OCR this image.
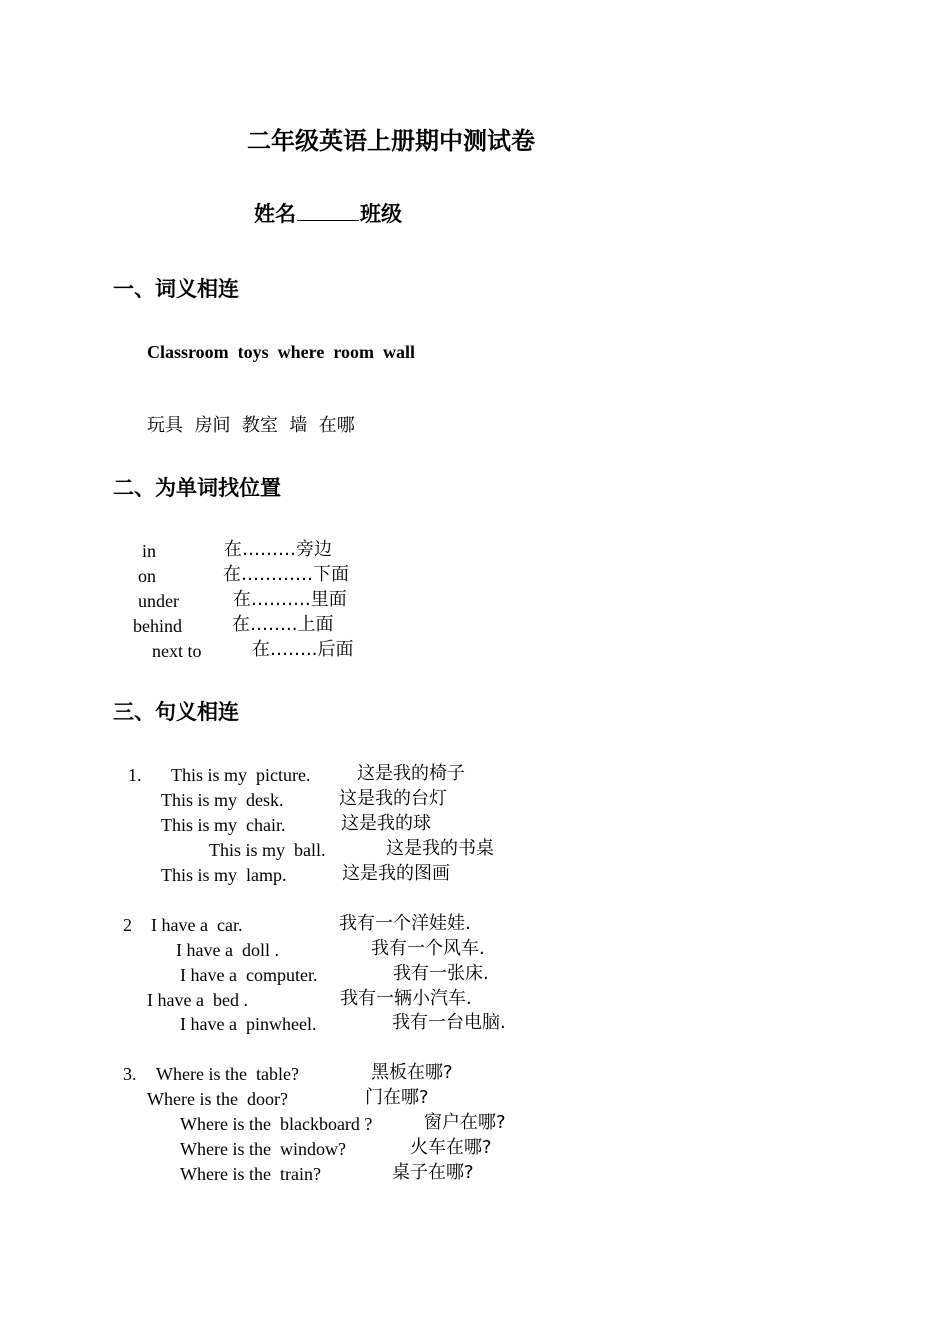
二年级英语上册期中测试卷
姓名	班级
一、词义相连
Classroom  toys  where  room  wall
玩具  房间  教室  墙  在哪
二、为单词找位置
in	在………旁边
on	在…………下面
under	在……….里面
behind	在……..上面
next to	在……..后面
三、句义相连
1. This is my  picture.	这是我的椅子
This is my  desk.	这是我的台灯
This is my  chair.	这是我的球
This is my  ball.	这是我的书桌
This is my  lamp.	这是我的图画
2 I have a  car.	我有一个洋娃娃.
I have a  doll .	我有一个风车.
I have a  computer.	我有一张床.
I have a  bed .	我有一辆小汽车.
I have a  pinwheel.	我有一台电脑.
3. Where is the  table?	黑板在哪?
Where is the  door?	门在哪?
Where is the  blackboard ?	窗户在哪?
Where is the  window?	火车在哪?
Where is the  train?	桌子在哪?
